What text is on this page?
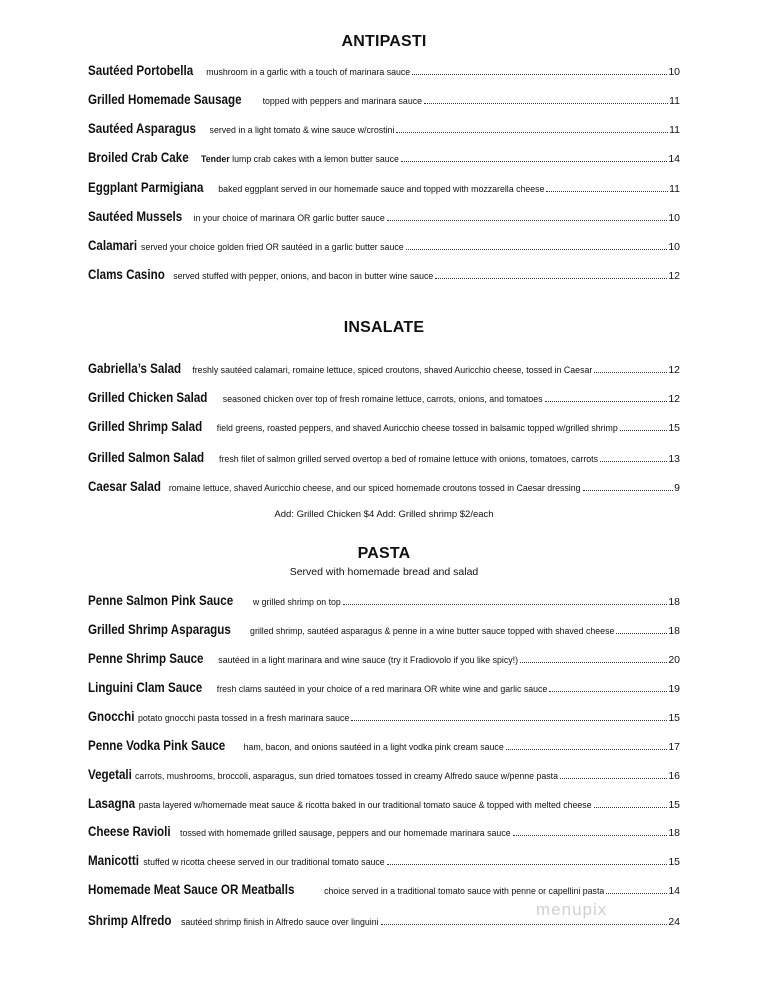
ANTIPASTI
Sautéed Portobella mushroom in a garlic with a touch of marinara sauce	10
Grilled Homemade Sausage topped with peppers and marinara sauce	11
Sautéed Asparagus served in a light tomato & wine sauce w/crostini	11
Broiled Crab Cake Tender lump crab cakes with a lemon butter sauce	14
Eggplant Parmigiana baked eggplant served in our homemade sauce and topped with mozzarella cheese	11
Sautéed Mussels in your choice of marinara OR garlic butter sauce	10
Calamari served your choice golden fried OR sautéed in a garlic butter sauce	10
Clams Casino served stuffed with pepper, onions, and bacon in butter wine sauce	12
INSALATE
Gabriella’s Salad freshly sautéed calamari, romaine lettuce, spiced croutons, shaved Auricchio cheese, tossed in Caesar	12
Grilled Chicken Salad seasoned chicken over top of fresh romaine lettuce, carrots, onions, and tomatoes	12
Grilled Shrimp Salad field greens, roasted peppers, and shaved Auricchio cheese tossed in balsamic topped w/grilled shrimp	15
Grilled Salmon Salad fresh filet of salmon grilled served overtop a bed of romaine lettuce with onions, tomatoes, carrots	13
Caesar Salad romaine lettuce, shaved Auricchio cheese, and our spiced homemade croutons tossed in Caesar dressing	9
Add: Grilled Chicken $4 Add: Grilled shrimp $2/each
PASTA
Served with homemade bread and salad
Penne Salmon Pink Sauce w grilled shrimp on top	18
Grilled Shrimp Asparagus grilled shrimp, sautéed asparagus & penne in a wine butter sauce topped with shaved cheese	18
Penne Shrimp Sauce sautéed in a light marinara and wine sauce (try it Fradiovolo if you like spicy!)	20
Linguini Clam Sauce fresh clams sautéed in your choice of a red marinara OR white wine and garlic sauce	19
Gnocchi potato gnocchi pasta tossed in a fresh marinara sauce	15
Penne Vodka Pink Sauce ham, bacon, and onions sautéed in a light vodka pink cream sauce	17
Vegetali carrots, mushrooms, broccoli, asparagus, sun dried tomatoes tossed in creamy Alfredo sauce w/penne pasta	16
Lasagna pasta layered w/homemade meat sauce & ricotta baked in our traditional tomato sauce & topped with melted cheese	15
Cheese Ravioli tossed with homemade grilled sausage, peppers and our homemade marinara sauce	18
Manicotti stuffed w ricotta cheese served in our traditional tomato sauce	15
Homemade Meat Sauce OR Meatballs	choice served in a traditional tomato sauce with penne or capellini pasta	14
Shrimp Alfredo sautéed shrimp finish in Alfredo sauce over linguini	24
menupix
